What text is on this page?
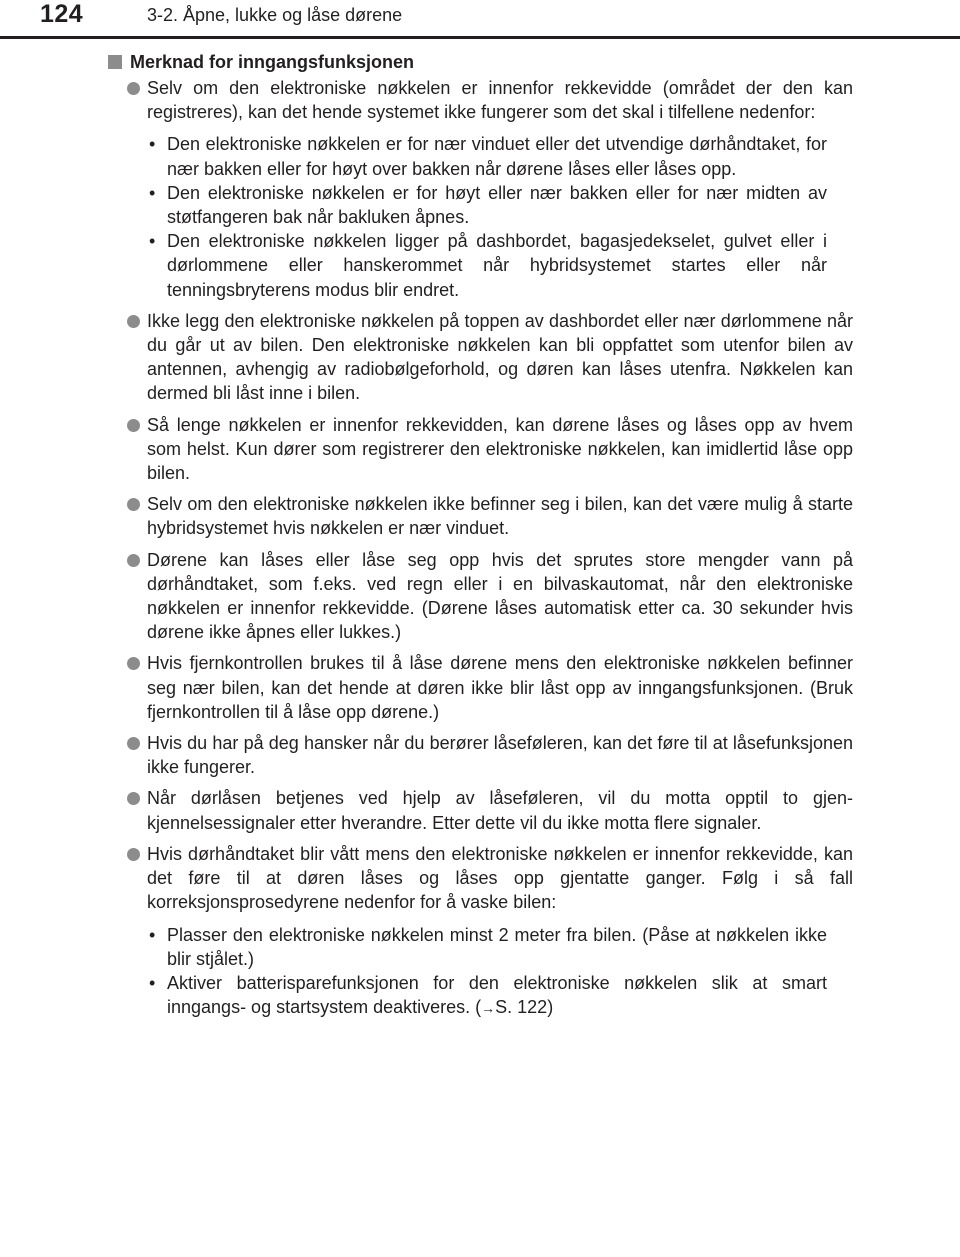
124	3-2. Åpne, lukke og låse dørene
Merknad for inngangsfunksjonen
Selv om den elektroniske nøkkelen er innenfor rekkevidde (området der den kan registreres), kan det hende systemet ikke fungerer som det skal i tilfellene nedenfor:
• Den elektroniske nøkkelen er for nær vinduet eller det utvendige dørhåndtaket, for nær bakken eller for høyt over bakken når dørene låses eller låses opp.
• Den elektroniske nøkkelen er for høyt eller nær bakken eller for nær midten av støtfangeren bak når bakluken åpnes.
• Den elektroniske nøkkelen ligger på dashbordet, bagasjedekselet, gulvet eller i dørlommene eller hanskerommet når hybridsystemet startes eller når tenningsbryterens modus blir endret.
Ikke legg den elektroniske nøkkelen på toppen av dashbordet eller nær dørlommene når du går ut av bilen. Den elektroniske nøkkelen kan bli oppfattet som utenfor bilen av antennen, avhengig av radiobølgeforhold, og døren kan låses utenfra. Nøkkelen kan dermed bli låst inne i bilen.
Så lenge nøkkelen er innenfor rekkevidden, kan dørene låses og låses opp av hvem som helst. Kun dører som registrerer den elektroniske nøkkelen, kan imidlertid låse opp bilen.
Selv om den elektroniske nøkkelen ikke befinner seg i bilen, kan det være mulig å starte hybridsystemet hvis nøkkelen er nær vinduet.
Dørene kan låses eller låse seg opp hvis det sprutes store mengder vann på dørhåndtaket, som f.eks. ved regn eller i en bilvaskautomat, når den elektroniske nøkkelen er innenfor rekkevidde. (Dørene låses automatisk etter ca. 30 sekunder hvis dørene ikke åpnes eller lukkes.)
Hvis fjernkontrollen brukes til å låse dørene mens den elektroniske nøkkelen befinner seg nær bilen, kan det hende at døren ikke blir låst opp av inngangsfunksjonen. (Bruk fjernkontrollen til å låse opp dørene.)
Hvis du har på deg hansker når du berører låseføleren, kan det føre til at låsefunksjonen ikke fungerer.
Når dørlåsen betjenes ved hjelp av låseføleren, vil du motta opptil to gjenkjennelsessignaler etter hverandre. Etter dette vil du ikke motta flere signaler.
Hvis dørhåndtaket blir vått mens den elektroniske nøkkelen er innenfor rekkevidde, kan det føre til at døren låses og låses opp gjentatte ganger. Følg i så fall korreksjonsprosedyrene nedenfor for å vaske bilen:
• Plasser den elektroniske nøkkelen minst 2 meter fra bilen. (Påse at nøkkelen ikke blir stjålet.)
• Aktiver batterisparefunksjonen for den elektroniske nøkkelen slik at smart inngangs- og startsystem deaktiveres. (→S. 122)
